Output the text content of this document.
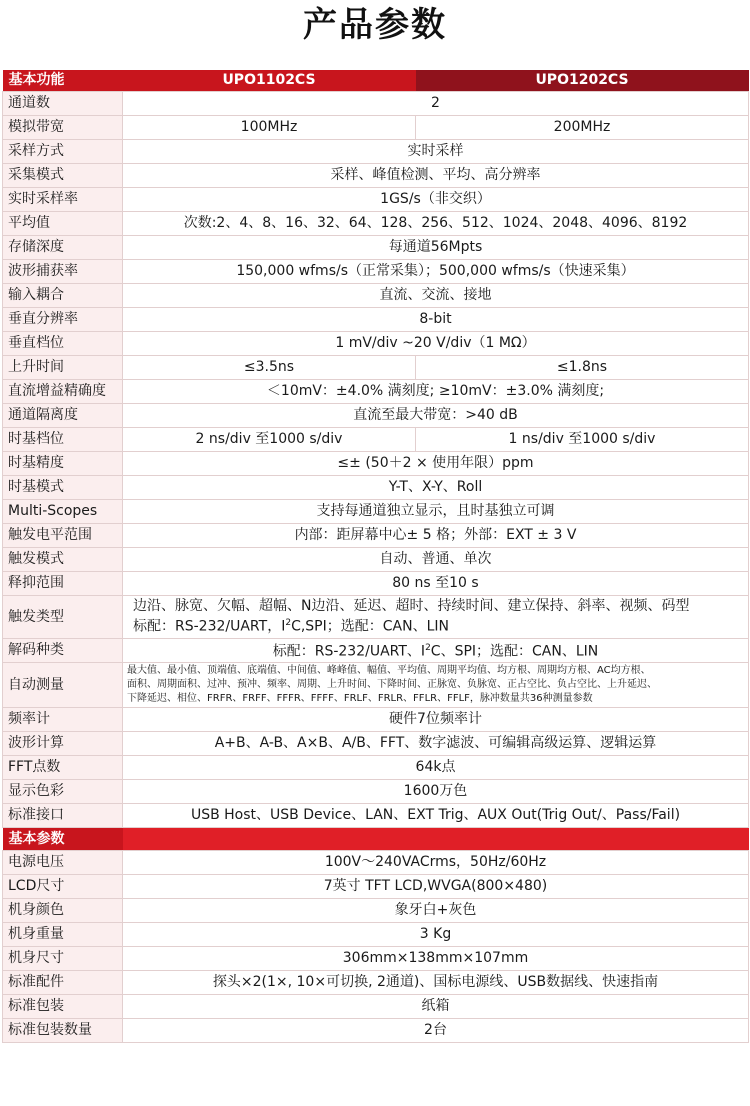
产品参数
基本功能	UPO1102CS	UPO1202CS
通道数	2	
模拟带宽	100MHz	200MHz
采样方式	实时采样	
采集模式	采样、峰值检测、平均、高分辨率	
实时采样率	1GS/s（非交织）	
平均值	次数:2、4、8、16、32、64、128、256、512、1024、2048、4096、8192	
存储深度	每通道56Mpts	
波形捕获率	150,000 wfms/s（正常采集）；500,000 wfms/s（快速采集）	
输入耦合	直流、交流、接地	
垂直分辨率	8-bit	
垂直档位	1 mV/div ~20 V/div（1 MΩ）	
上升时间	≤3.5ns	≤1.8ns
直流增益精确度	＜10mV：±4.0% 满刻度; ≥10mV：±3.0% 满刻度;	
通道隔离度	直流至最大带宽：>40 dB	
时基档位	2 ns/div 至1000 s/div	1 ns/div 至1000 s/div
时基精度	≤± (50＋2 × 使用年限）ppm	
时基模式	Y-T、X-Y、Roll	
Multi-Scopes	支持每通道独立显示，且时基独立可调	
触发电平范围	内部：距屏幕中心± 5 格；外部：EXT ± 3 V	
触发模式	自动、普通、单次	
释抑范围	80 ns 至10 s	
触发类型	边沿、脉宽、欠幅、超幅、N边沿、延迟、超时、持续时间、建立保持、斜率、视频、码型
标配：RS-232/UART，$I^2C,SPI$；选配：CAN、LIN	

解码种类	标配：RS-232/UART、$I^2C$、SPI；选配：CAN、LIN	
自动测量	最大值、最小值、顶端值、底端值、中间值、峰峰值、幅值、平均值、周期平均值、均方根、周期均方根、AC均方根、
面积、周期面积、过冲、预冲、频率、周期、上升时间、下降时间、正脉宽、负脉宽、正占空比、负占空比、上升延迟、
下降延迟、相位、FRFR、FRFF、FFFR、FFFF、FRLF、FRLR、FFLR、FFLF，脉冲数量共36种测量参数	

频率计	硬件7位频率计	
波形计算	A+B、A-B、A×B、A/B、FFT、数字滤波、可编辑高级运算、逻辑运算	
FFT点数	64k点	
显示色彩	1600万色	
标准接口	USB Host、USB Device、LAN、EXT Trig、AUX Out(Trig Out/、Pass/Fail)	
基本参数		
电源电压	100V～240VACrms，50Hz/60Hz	
LCD尺寸	7英寸 TFT LCD,WVGA(800×480)	
机身颜色	象牙白+灰色	
机身重量	3 Kg	
机身尺寸	306mm×138mm×107mm	
标准配件	探头×2(1×, 10×可切换, 2通道)、国标电源线、USB数据线、快速指南	
标准包装	纸箱	
标准包装数量	2台	
